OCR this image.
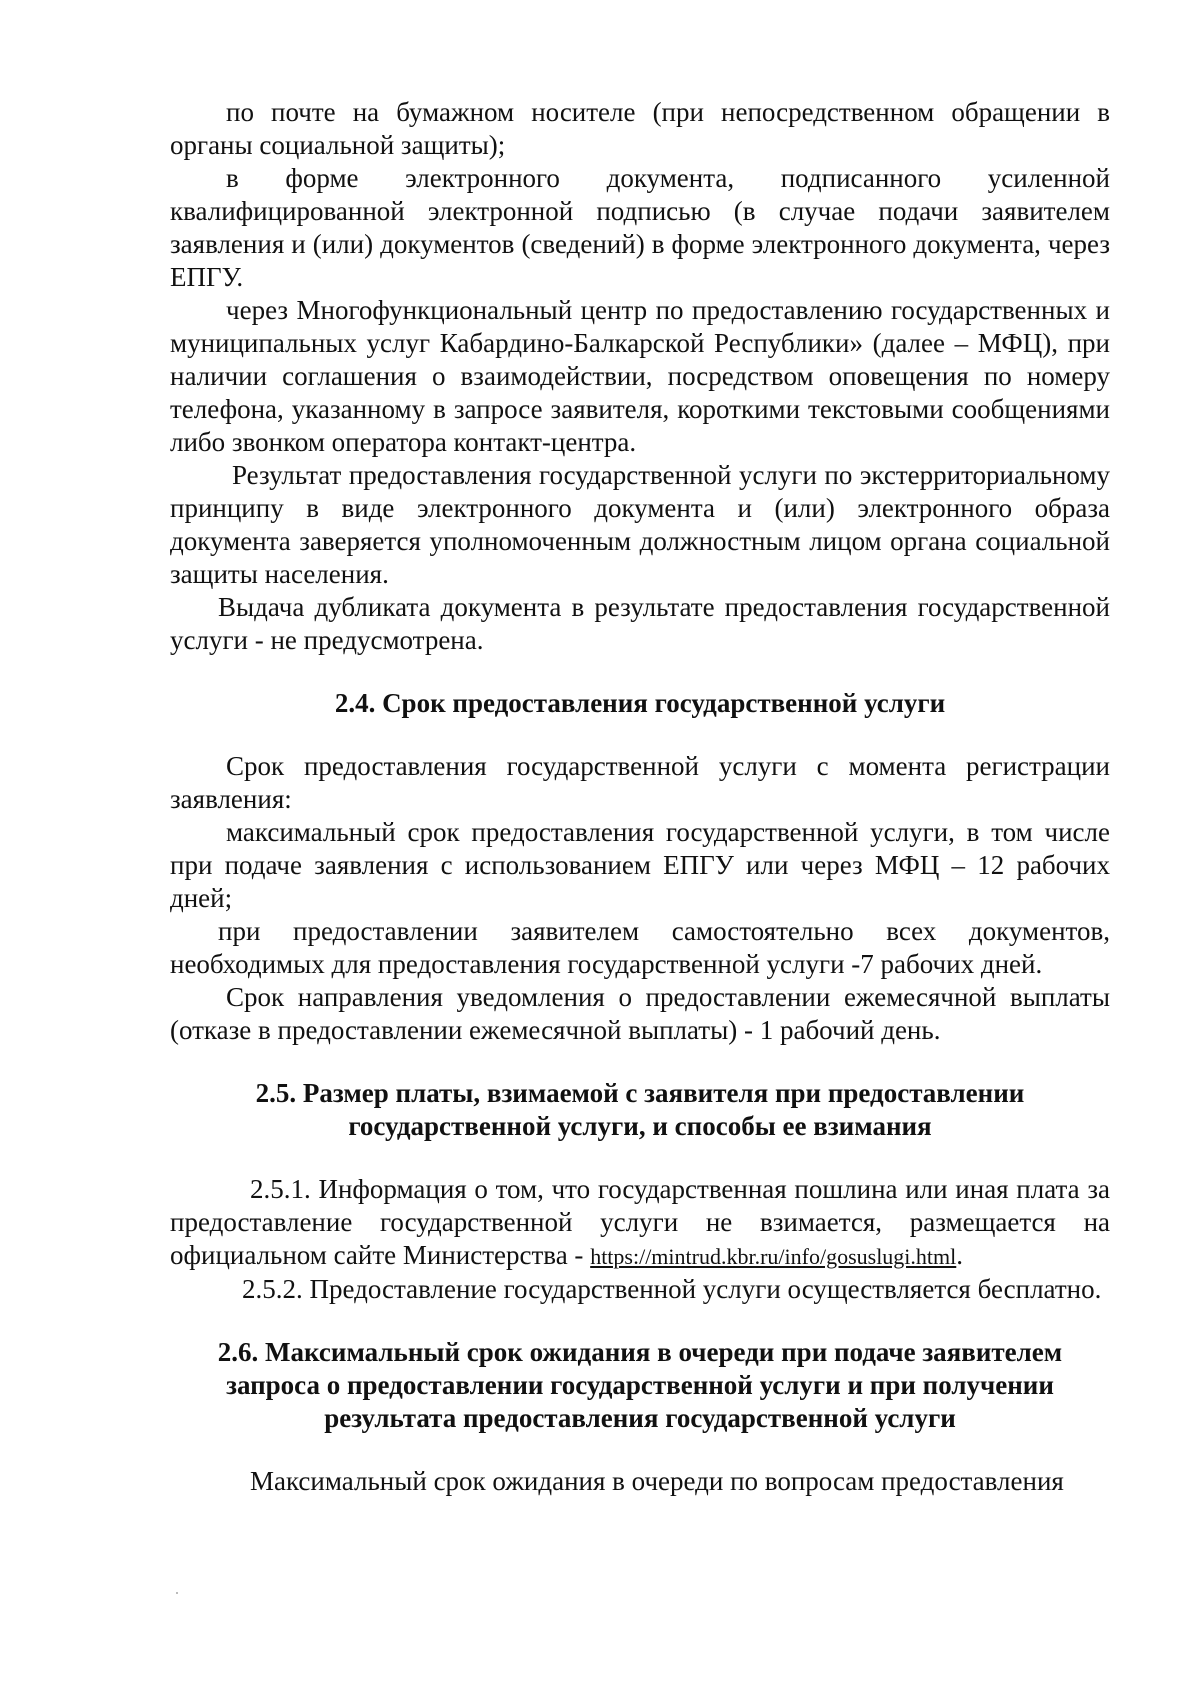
по почте на бумажном носителе (при непосредственном обращении в органы социальной защиты);

в форме электронного документа, подписанного усиленной квалифицированной электронной подписью (в случае подачи заявителем заявления и (или) документов (сведений) в форме электронного документа, через ЕПГУ.

через Многофункциональный центр по предоставлению государственных и муниципальных услуг Кабардино-Балкарской Республики» (далее – МФЦ), при наличии соглашения о взаимодействии, посредством оповещения по номеру телефона, указанному в запросе заявителя, короткими текстовыми сообщениями либо звонком оператора контакт-центра.

Результат предоставления государственной услуги по экстерриториальному принципу в виде электронного документа и (или) электронного образа документа заверяется уполномоченным должностным лицом органа социальной защиты населения.

Выдача дубликата документа в результате предоставления государственной услуги - не предусмотрена.

2.4. Срок предоставления государственной услуги

Срок предоставления государственной услуги с момента регистрации заявления:

максимальный срок предоставления государственной услуги, в том числе при подаче заявления с использованием ЕПГУ или через МФЦ – 12 рабочих дней;

при предоставлении заявителем самостоятельно всех документов, необходимых для предоставления государственной услуги -7 рабочих дней.

Срок направления уведомления о предоставлении ежемесячной выплаты (отказе в предоставлении ежемесячной выплаты) - 1 рабочий день.

2.5. Размер платы, взимаемой с заявителя при предоставлении
государственной услуги, и способы ее взимания

2.5.1. Информация о том, что государственная пошлина или иная плата за предоставление государственной услуги не взимается, размещается на официальном сайте Министерства - https://mintrud.kbr.ru/info/gosuslugi.html.

2.5.2. Предоставление государственной услуги осуществляется бесплатно.

2.6. Максимальный срок ожидания в очереди при подаче заявителем
запроса о предоставлении государственной услуги и при получении
результата предоставления государственной услуги

Максимальный срок ожидания в очереди по вопросам предоставления
